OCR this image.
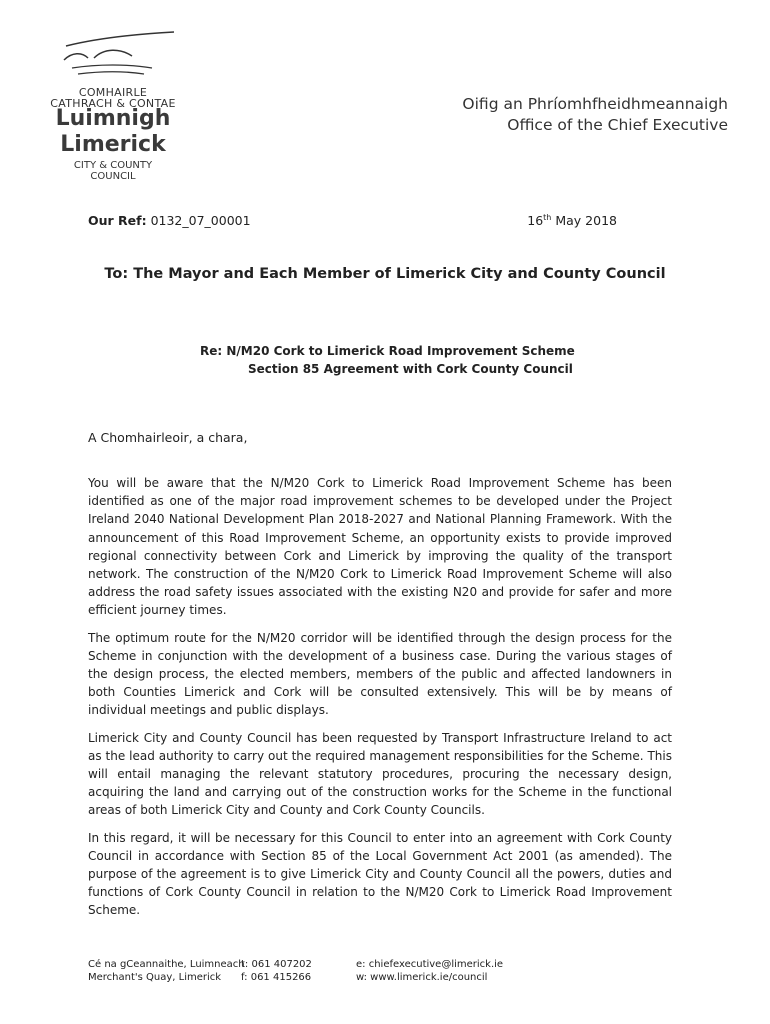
COMHAIRLE
CATHRACH & CONTAE
Luimnigh
Limerick
CITY & COUNTY
COUNCIL
Oifig an Phríomhfheidhmeannaigh
Office of the Chief Executive
Our Ref: 0132_07_00001	16th May 2018
To: The Mayor and Each Member of Limerick City and County Council
Re: N/M20 Cork to Limerick Road Improvement Scheme
Section 85 Agreement with Cork County Council
A Chomhairleoir, a chara,

You will be aware that the N/M20 Cork to Limerick Road Improvement Scheme has been identified as one of the major road improvement schemes to be developed under the Project Ireland 2040 National Development Plan 2018-2027 and National Planning Framework. With the announcement of this Road Improvement Scheme, an opportunity exists to provide improved regional connectivity between Cork and Limerick by improving the quality of the transport network. The construction of the N/M20 Cork to Limerick Road Improvement Scheme will also address the road safety issues associated with the existing N20 and provide for safer and more efficient journey times.

The optimum route for the N/M20 corridor will be identified through the design process for the Scheme in conjunction with the development of a business case. During the various stages of the design process, the elected members, members of the public and affected landowners in both Counties Limerick and Cork will be consulted extensively. This will be by means of individual meetings and public displays.

Limerick City and County Council has been requested by Transport Infrastructure Ireland to act as the lead authority to carry out the required management responsibilities for the Scheme. This will entail managing the relevant statutory procedures, procuring the necessary design, acquiring the land and carrying out of the construction works for the Scheme in the functional areas of both Limerick City and County and Cork County Councils.

In this regard, it will be necessary for this Council to enter into an agreement with Cork County Council in accordance with Section 85 of the Local Government Act 2001 (as amended). The purpose of the agreement is to give Limerick City and County Council all the powers, duties and functions of Cork County Council in relation to the N/M20 Cork to Limerick Road Improvement Scheme.

Cé na gCeannaithe, Luimneach
Merchant's Quay, Limerick
t: 061 407202
f: 061 415266
e: chiefexecutive@limerick.ie
w: www.limerick.ie/council
